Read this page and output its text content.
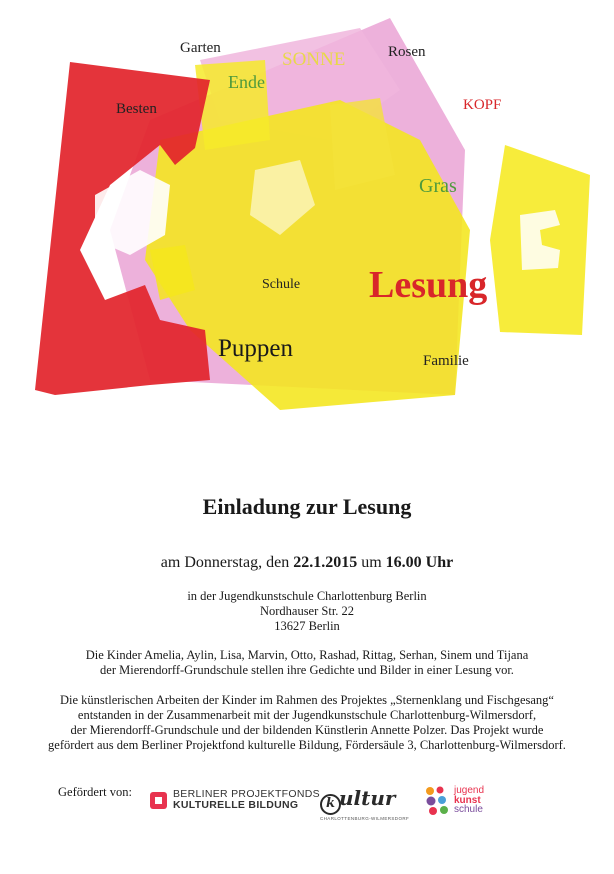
Garten
SONNE	Rosen
Ende
Besten	KOPF
Gras
Schule Lesung
Puppen	Familie
Einladung zur Lesung
am Donnerstag, den 22.1.2015 um 16.00 Uhr
in der Jugendkunstschule Charlottenburg Berlin
Nordhauser Str. 22
13627 Berlin
Die Kinder Amelia, Aylin, Lisa, Marvin, Otto, Rashad, Rittag, Serhan, Sinem und Tijana
der Mierendorff-Grundschule stellen ihre Gedichte und Bilder in einer Lesung vor.
Die künstlerischen Arbeiten der Kinder im Rahmen des Projektes „Sternenklang und Fischgesang“
entstanden in der Zusammenarbeit mit der Jugendkunstschule Charlottenburg-Wilmersdorf,
der Mierendorff-Grundschule und der bildenden Künstlerin Annette Polzer. Das Projekt wurde
gefördert aus dem Berliner Projektfond kulturelle Bildung, Fördersäule 3, Charlottenburg-Wilmersdorf.
Gefördert von:	BERLINER PROJEKTFONDS
KULTURELLE BILDUNG	k ultur
CHARLOTTENBURG-WILMERSDORF
jugend
kunst
schule
